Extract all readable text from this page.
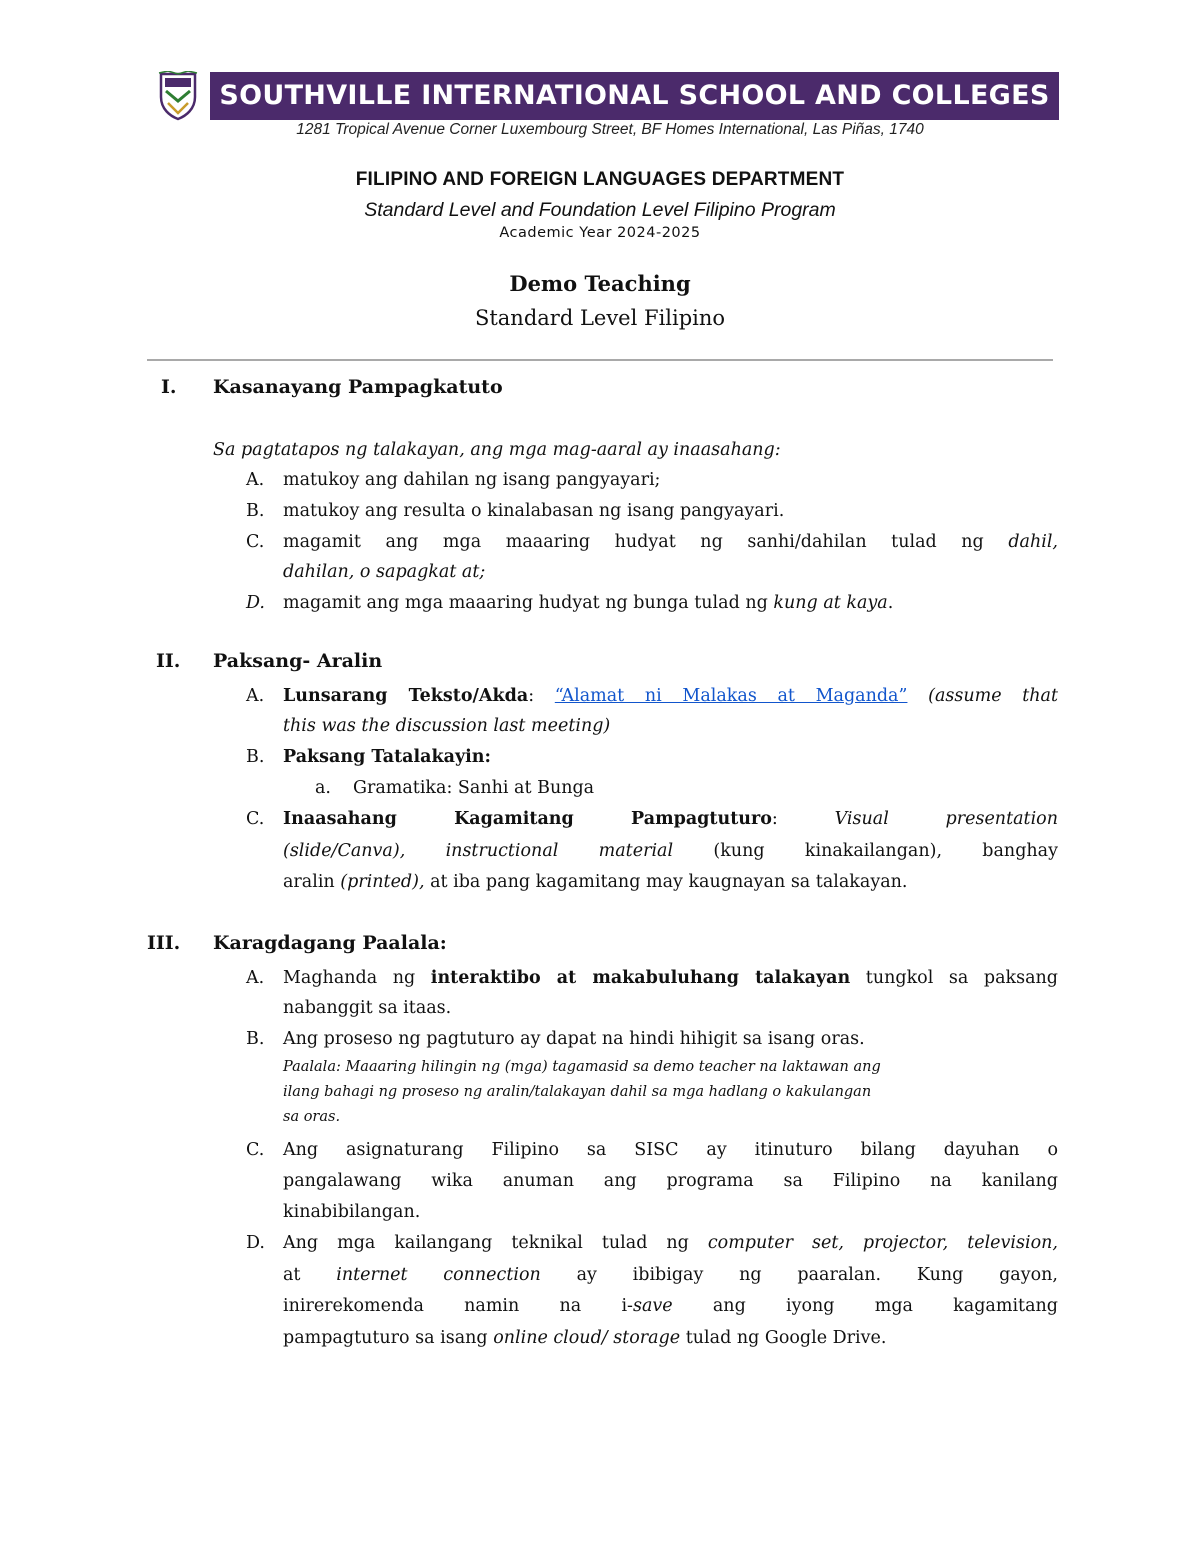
SOUTHVILLE INTERNATIONAL SCHOOL AND COLLEGES
1281 Tropical Avenue Corner Luxembourg Street, BF Homes International, Las Piñas, 1740
FILIPINO AND FOREIGN LANGUAGES DEPARTMENT
Standard Level and Foundation Level Filipino Program
Academic Year 2024-2025
Demo Teaching
Standard Level Filipino
I. Kasanayang Pampagkatuto
Sa pagtatapos ng talakayan, ang mga mag-aaral ay inaasahang:
A.	matukoy ang dahilan ng isang pangyayari;
B.	matukoy ang resulta o kinalabasan ng isang pangyayari.
C.	magamit ang mga maaaring hudyat ng sanhi/dahilan tulad ng dahil,
dahilan, o sapagkat at;
D.	magamit ang mga maaaring hudyat ng bunga tulad ng kung at kaya.
II. Paksang- Aralin
A.	Lunsarang Teksto/Akda: “Alamat ni Malakas at Maganda” (assume that
this was the discussion last meeting)
B.	Paksang Tatalakayin:
a.	Gramatika: Sanhi at Bunga
C.	Inaasahang Kagamitang Pampagtuturo:	Visual presentation
(slide/Canva), instructional material (kung kinakailangan), banghay
aralin (printed), at iba pang kagamitang may kaugnayan sa talakayan.
III. Karagdagang Paalala:
A.	Maghanda ng interaktibo at makabuluhang talakayan tungkol sa paksang
nabanggit sa itaas.
B.	Ang proseso ng pagtuturo ay dapat na hindi hihigit sa isang oras.
Paalala: Maaaring hilingin ng (mga) tagamasid sa demo teacher na laktawan ang
ilang bahagi ng proseso ng aralin/talakayan dahil sa mga hadlang o kakulangan
sa oras.
C.	Ang asignaturang Filipino sa SISC ay itinuturo bilang dayuhan o
pangalawang wika anuman ang programa sa Filipino na kanilang
kinabibilangan.
D.	Ang mga kailangang teknikal tulad ng computer set, projector, television,
at internet connection ay ibibigay ng paaralan. Kung gayon,
inirerekomenda namin na i-save ang iyong mga kagamitang
pampagtuturo sa isang online cloud/ storage tulad ng Google Drive.
